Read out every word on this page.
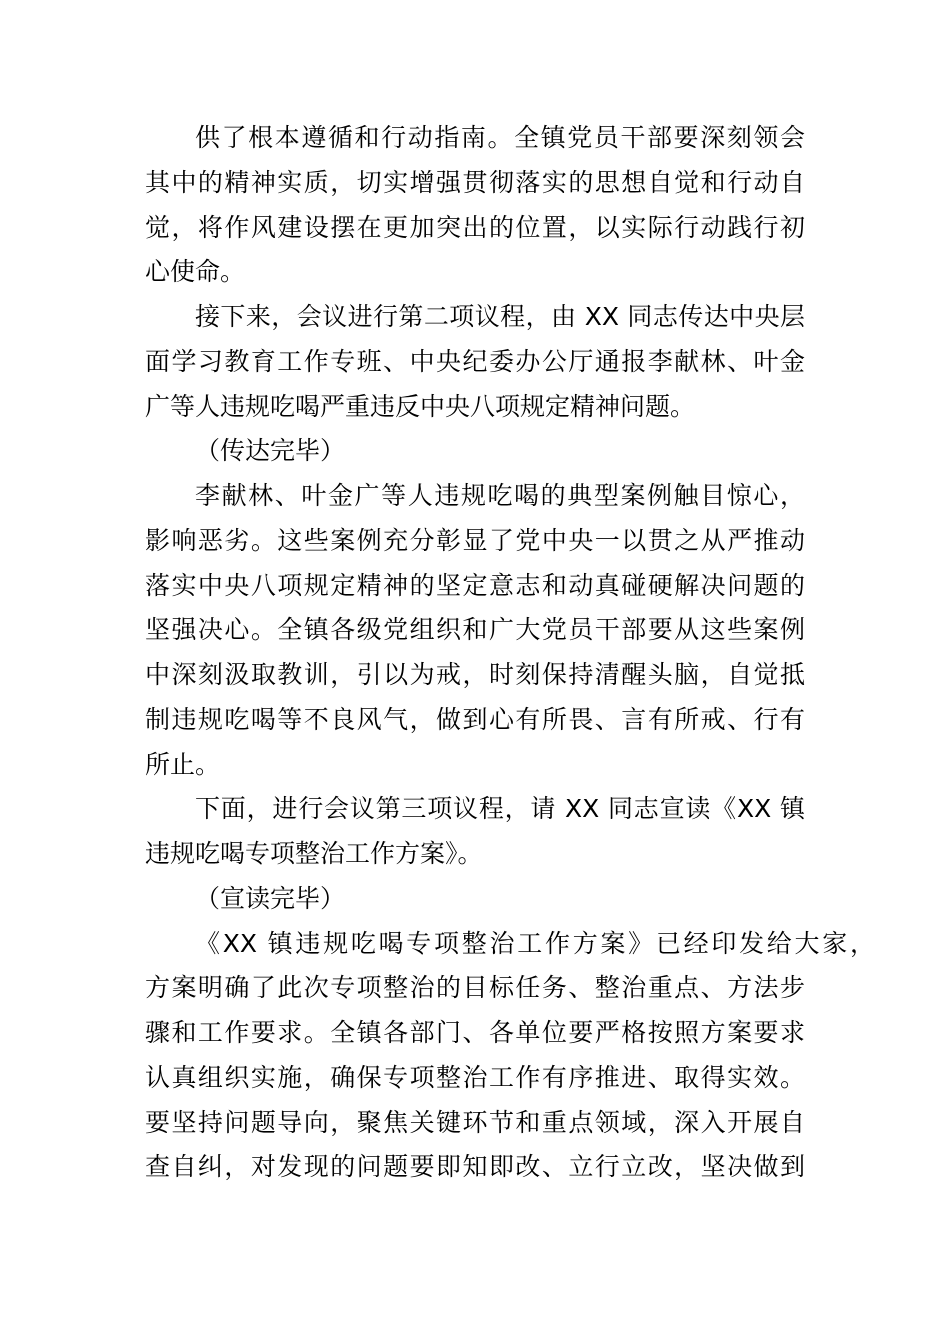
供了根本遵循和行动指南。全镇党员干部要深刻领会
其中的精神实质，切实增强贯彻落实的思想自觉和行动自
觉，将作风建设摆在更加突出的位置，以实际行动践行初
心使命。
接下来，会议进行第二项议程，由 XX 同志传达中央层
面学习教育工作专班、中央纪委办公厅通报李献林、叶金
广等人违规吃喝严重违反中央八项规定精神问题。
（传达完毕）
李献林、叶金广等人违规吃喝的典型案例触目惊心，
影响恶劣。这些案例充分彰显了党中央一以贯之从严推动
落实中央八项规定精神的坚定意志和动真碰硬解决问题的
坚强决心。全镇各级党组织和广大党员干部要从这些案例
中深刻汲取教训，引以为戒，时刻保持清醒头脑，自觉抵
制违规吃喝等不良风气，做到心有所畏、言有所戒、行有
所止。
下面，进行会议第三项议程，请 XX 同志宣读《XX 镇
违规吃喝专项整治工作方案》。
（宣读完毕）
《XX 镇违规吃喝专项整治工作方案》已经印发给大家，
方案明确了此次专项整治的目标任务、整治重点、方法步
骤和工作要求。全镇各部门、各单位要严格按照方案要求
认真组织实施，确保专项整治工作有序推进、取得实效。
要坚持问题导向，聚焦关键环节和重点领域，深入开展自
查自纠，对发现的问题要即知即改、立行立改，坚决做到
